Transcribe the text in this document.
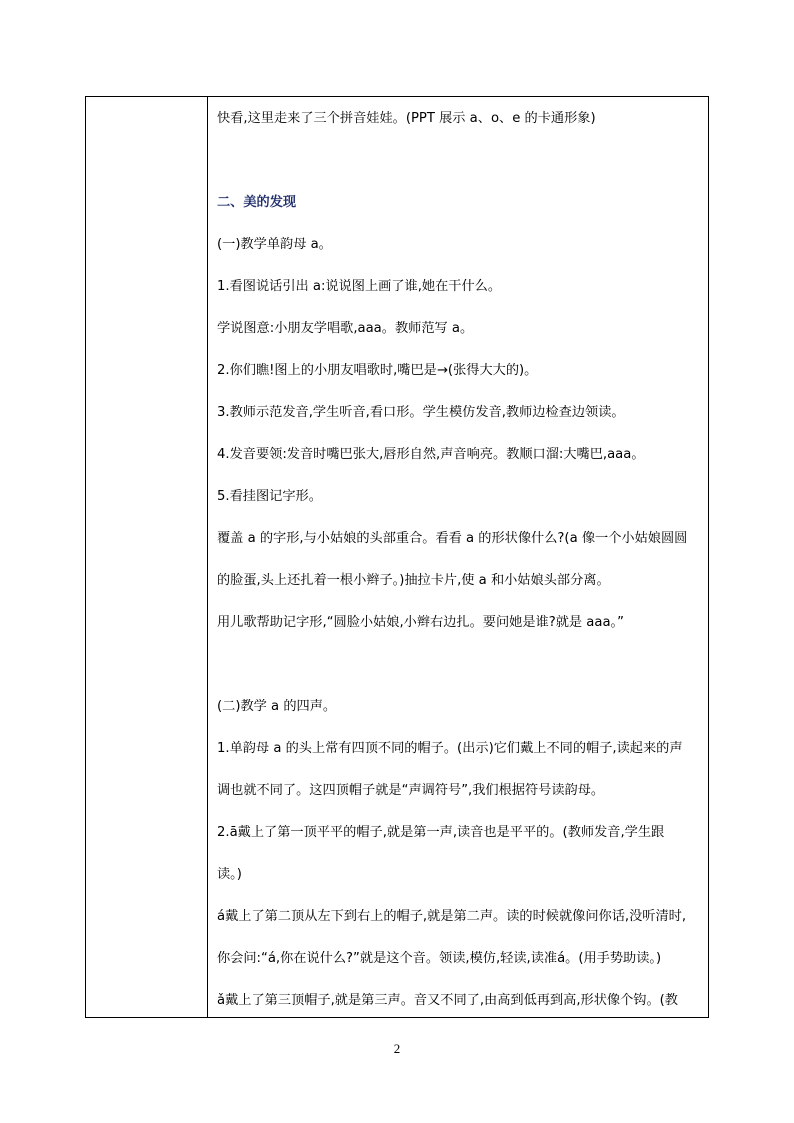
快看,这里走来了三个拼音娃娃。(PPT 展示 a、o、e 的卡通形象)
二、美的发现
(一)教学单韵母 a。
1.看图说话引出 a:说说图上画了谁,她在干什么。
学说图意:小朋友学唱歌,aaa。教师范写 a。
2.你们瞧!图上的小朋友唱歌时,嘴巴是→(张得大大的)。
3.教师示范发音,学生听音,看口形。学生模仿发音,教师边检查边领读。
4.发音要领:发音时嘴巴张大,唇形自然,声音响亮。教顺口溜:大嘴巴,aaa。
5.看挂图记字形。
覆盖 a 的字形,与小姑娘的头部重合。看看 a 的形状像什么?(a 像一个小姑娘圆圆
的脸蛋,头上还扎着一根小辫子。)抽拉卡片,使 a 和小姑娘头部分离。
用儿歌帮助记字形,“圆脸小姑娘,小辫右边扎。要问她是谁?就是 aaa。”
(二)教学 a 的四声。
1.单韵母 a 的头上常有四顶不同的帽子。(出示)它们戴上不同的帽子,读起来的声
调也就不同了。这四顶帽子就是“声调符号”,我们根据符号读韵母。
2.ā戴上了第一顶平平的帽子,就是第一声,读音也是平平的。(教师发音,学生跟
读。)
á戴上了第二顶从左下到右上的帽子,就是第二声。读的时候就像问你话,没听清时,
你会问:“á,你在说什么?”就是这个音。领读,模仿,轻读,读准á。(用手势助读。)
ǎ戴上了第三顶帽子,就是第三声。音又不同了,由高到低再到高,形状像个钩。(教
2
